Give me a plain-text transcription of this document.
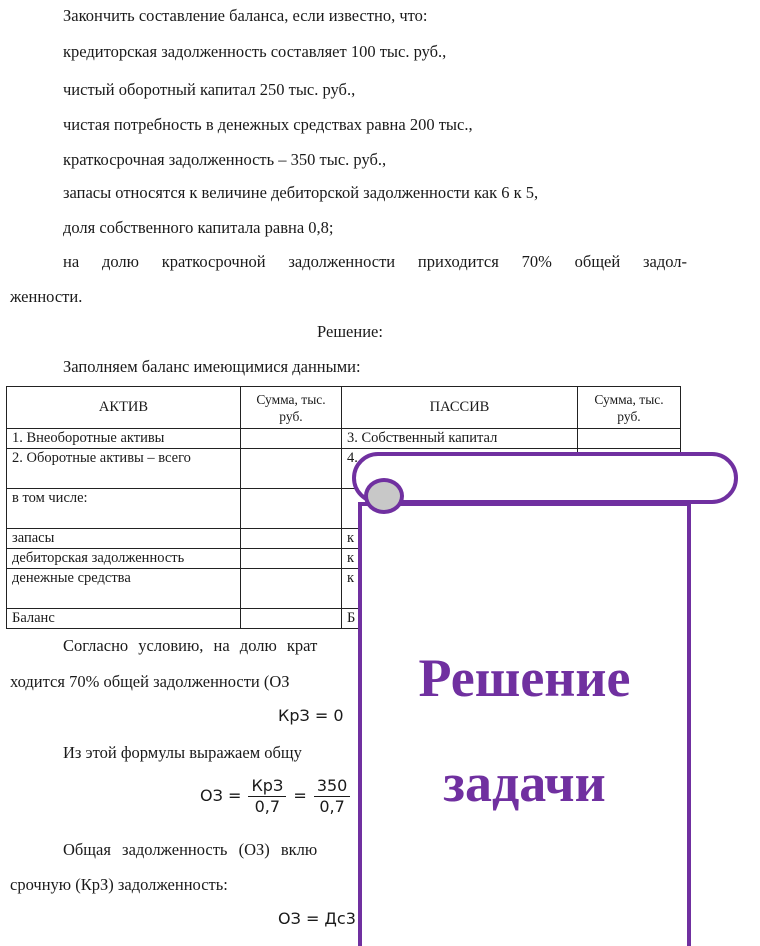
Закончить составление баланса, если известно, что:
кредиторская задолженность составляет 100 тыс. руб.,
чистый оборотный капитал 250 тыс. руб.,
чистая потребность в денежных средствах равна 200 тыс.,
краткосрочная задолженность – 350 тыс. руб.,
запасы относятся к величине дебиторской задолженности как 6 к 5,
доля собственного капитала равна 0,8;
на долю краткосрочной задолженности приходится 70% общей задол-
женности.
Решение:
Заполняем баланс имеющимися данными:
АКТИВ	Сумма, тыс. руб.	ПАССИВ	Сумма, тыс. руб.
1. Внеоборотные активы		3. Собственный капитал	
2. Оборотные активы – всего		4.	
в том числе:			
запасы		к	
дебиторская задолженность		к	
денежные средства		к	
Баланс		Б	
Согласно условию, на долю крат
ходится 70% общей задолженности (ОЗ
КрЗ = 0
Из этой формулы выражаем общу
ОЗ = $\frac{\text{КрЗ}}{0,7} = \frac{350}{0,7}$
Общая задолженность (ОЗ) вклю
срочную (КрЗ) задолженность:
ОЗ = Дс3
Решение
задачи
